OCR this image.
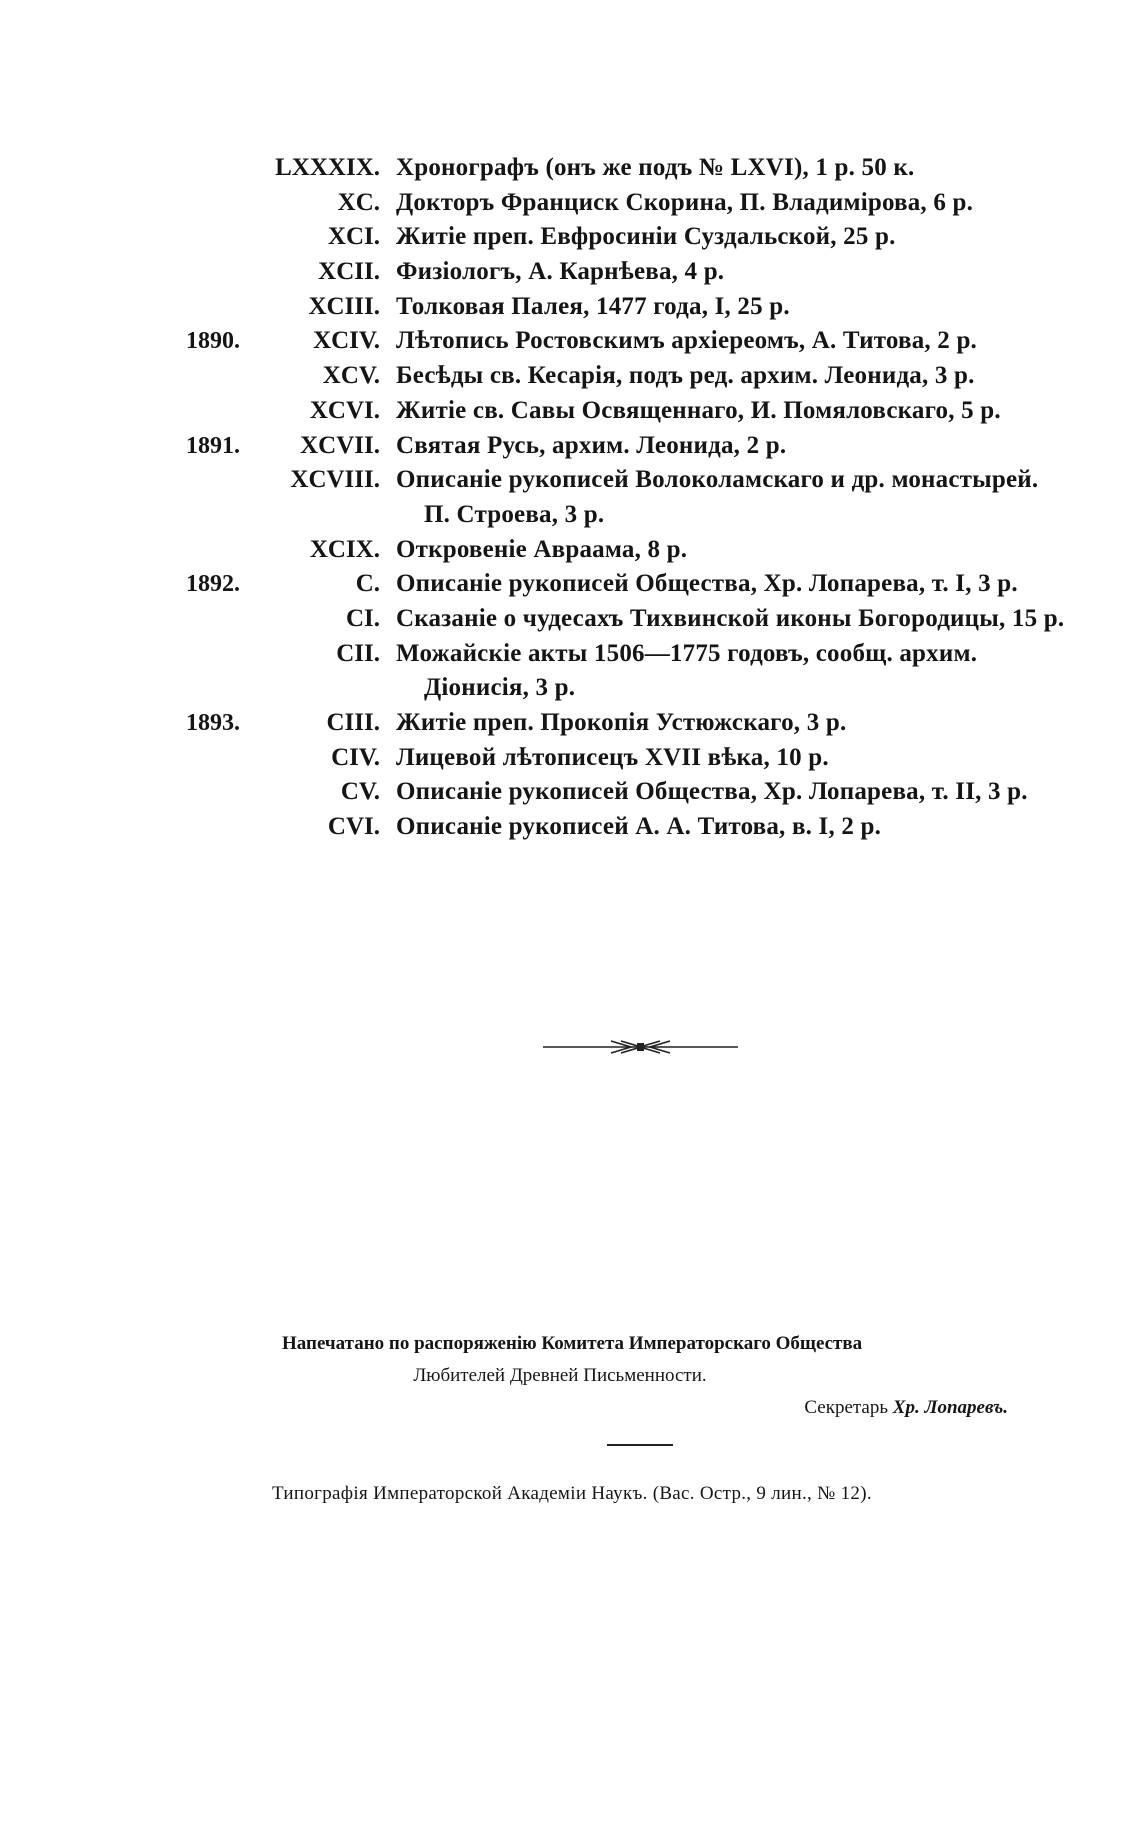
LXXXIX. Хронографъ (онъ же подъ № LXVI), 1 р. 50 к.
XC. Докторъ Франциск Скорина, П. Владимірова, 6 р.
XCI. Житіе преп. Евфросиніи Суздальской, 25 р.
XCII. Физіологъ, А. Карнѣева, 4 р.
XCIII. Толковая Палея, 1477 года, I, 25 р.
1890.	XCIV. Лѣтопись Ростовскимъ архіереомъ, А. Титова, 2 р.
XCV. Бесѣды св. Кесарія, подъ ред. архим. Леонида, 3 р.
XCVI. Житіе св. Савы Освященнаго, И. Помяловскаго, 5 р.
1891. XCVII. Святая Русь, архим. Леонида, 2 р.
XCVIII. Описаніе рукописей Волоколамскаго и др. монастырей.
П. Строева, 3 р.
XCIX. Откровеніе Авраама, 8 р.
1892.	C. Описаніе рукописей Общества, Хр. Лопарева, т. I, 3 р.
CI. Сказаніе о чудесахъ Тихвинской иконы Богородицы, 15 р.
CII. Можайскіе акты 1506—1775 годовъ, сообщ. архим.
Діонисія, 3 р.
1893.	CIII. Житіе преп. Прокопія Устюжскаго, 3 р.
CIV. Лицевой лѣтописецъ XVII вѣка, 10 р.
CV. Описаніе рукописей Общества, Хр. Лопарева, т. II, 3 р.
CVI. Описаніе рукописей А. А. Титова, в. I, 2 р.
Напечатано по распоряженію Комитета Императорскаго Общества
Любителей Древней Письменности.
Секретарь Хр. Лопаревъ.
Типографія Императорской Академіи Наукъ. (Вас. Остр., 9 лин., № 12).
